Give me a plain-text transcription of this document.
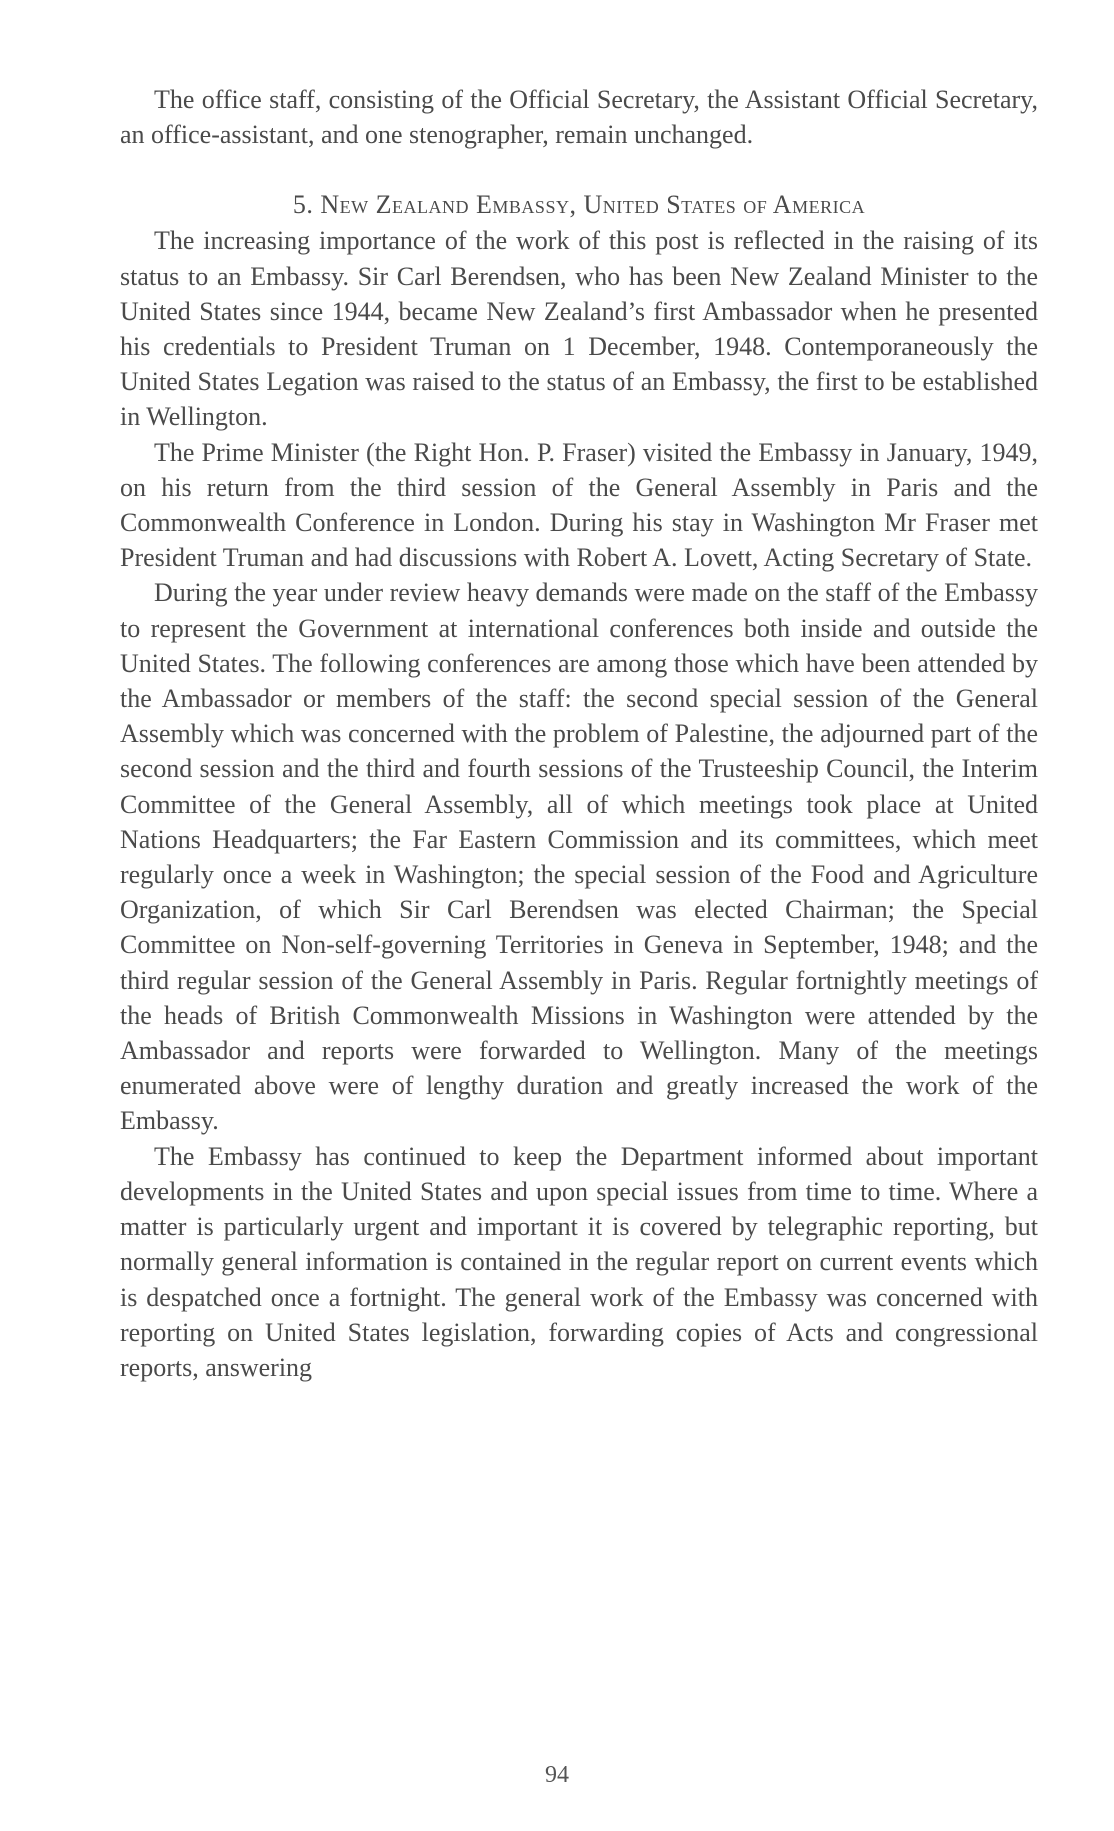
The office staff, consisting of the Official Secretary, the Assistant Official Secretary, an office-assistant, and one stenographer, remain unchanged.

5. New Zealand Embassy, United States of America

The increasing importance of the work of this post is reflected in the raising of its status to an Embassy. Sir Carl Berendsen, who has been New Zealand Minister to the United States since 1944, became New Zealand’s first Ambassador when he presented his credentials to President Truman on 1 December, 1948. Contemporaneously the United States Legation was raised to the status of an Embassy, the first to be established in Wellington.

The Prime Minister (the Right Hon. P. Fraser) visited the Embassy in January, 1949, on his return from the third session of the General Assembly in Paris and the Commonwealth Conference in London. During his stay in Washington Mr Fraser met President Truman and had discussions with Robert A. Lovett, Acting Secretary of State.

During the year under review heavy demands were made on the staff of the Embassy to represent the Government at international conferences both inside and outside the United States. The following conferences are among those which have been attended by the Ambassador or members of the staff: the second special session of the General Assembly which was concerned with the problem of Palestine, the adjourned part of the second session and the third and fourth sessions of the Trusteeship Council, the Interim Committee of the General Assembly, all of which meetings took place at United Nations Headquarters; the Far Eastern Commission and its committees, which meet regularly once a week in Washington; the special session of the Food and Agriculture Organization, of which Sir Carl Berendsen was elected Chairman; the Special Committee on Non-self-governing Territories in Geneva in September, 1948; and the third regular session of the General Assembly in Paris. Regular fortnightly meetings of the heads of British Commonwealth Missions in Washington were attended by the Ambassador and reports were forwarded to Wellington. Many of the meetings enumerated above were of lengthy duration and greatly increased the work of the Embassy.

The Embassy has continued to keep the Department informed about important developments in the United States and upon special issues from time to time. Where a matter is particularly urgent and important it is covered by telegraphic reporting, but normally general information is contained in the regular report on current events which is despatched once a fortnight. The general work of the Embassy was concerned with reporting on United States legislation, forwarding copies of Acts and congressional reports, answering

94
